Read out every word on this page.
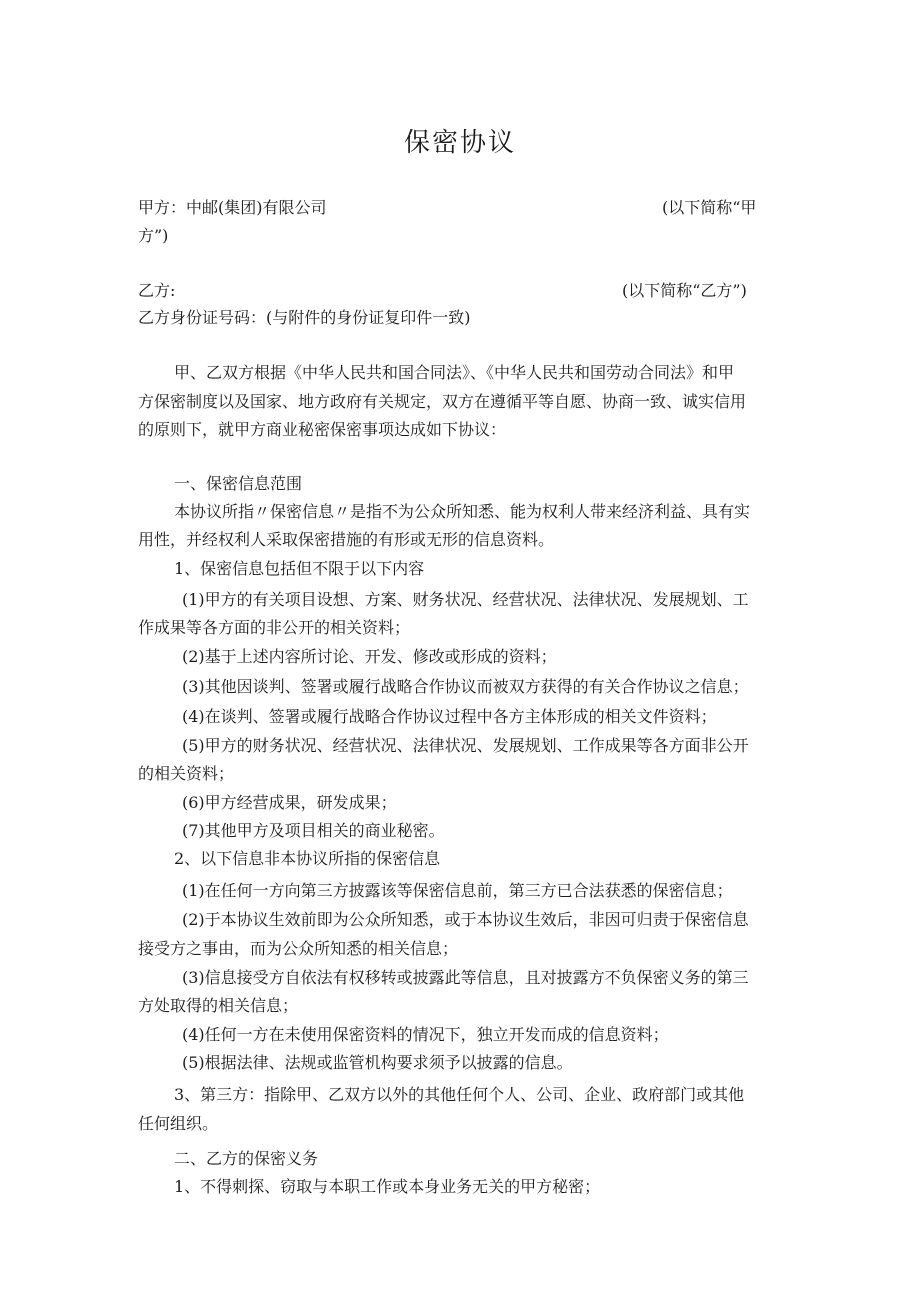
保密协议
甲方：中邮(集团)有限公司	(以下简称“甲
方”)
乙方:	(以下简称“乙方”)
乙方身份证号码：(与附件的身份证复印件一致)
甲、乙双方根据《中华人民共和国合同法》、《中华人民共和国劳动合同法》和甲
方保密制度以及国家、地方政府有关规定，双方在遵循平等自愿、协商一致、诚实信用
的原则下，就甲方商业秘密保密事项达成如下协议：
一、保密信息范围
本协议所指〃保密信息〃是指不为公众所知悉、能为权利人带来经济利益、具有实
用性，并经权利人采取保密措施的有形或无形的信息资料。
1、保密信息包括但不限于以下内容
(1)甲方的有关项目设想、方案、财务状况、经营状况、法律状况、发展规划、工
作成果等各方面的非公开的相关资料；
(2)基于上述内容所讨论、开发、修改或形成的资料；
(3)其他因谈判、签署或履行战略合作协议而被双方获得的有关合作协议之信息；
(4)在谈判、签署或履行战略合作协议过程中各方主体形成的相关文件资料；
(5)甲方的财务状况、经营状况、法律状况、发展规划、工作成果等各方面非公开
的相关资料；
(6)甲方经营成果，研发成果；
(7)其他甲方及项目相关的商业秘密。
2、以下信息非本协议所指的保密信息
(1)在任何一方向第三方披露该等保密信息前，第三方已合法获悉的保密信息；
(2)于本协议生效前即为公众所知悉，或于本协议生效后，非因可归责于保密信息
接受方之事由，而为公众所知悉的相关信息；
(3)信息接受方自依法有权移转或披露此等信息，且对披露方不负保密义务的第三
方处取得的相关信息；
(4)任何一方在未使用保密资料的情况下，独立开发而成的信息资料；
(5)根据法律、法规或监管机构要求须予以披露的信息。
3、第三方：指除甲、乙双方以外的其他任何个人、公司、企业、政府部门或其他
任何组织。
二、乙方的保密义务
1、不得刺探、窃取与本职工作或本身业务无关的甲方秘密；
